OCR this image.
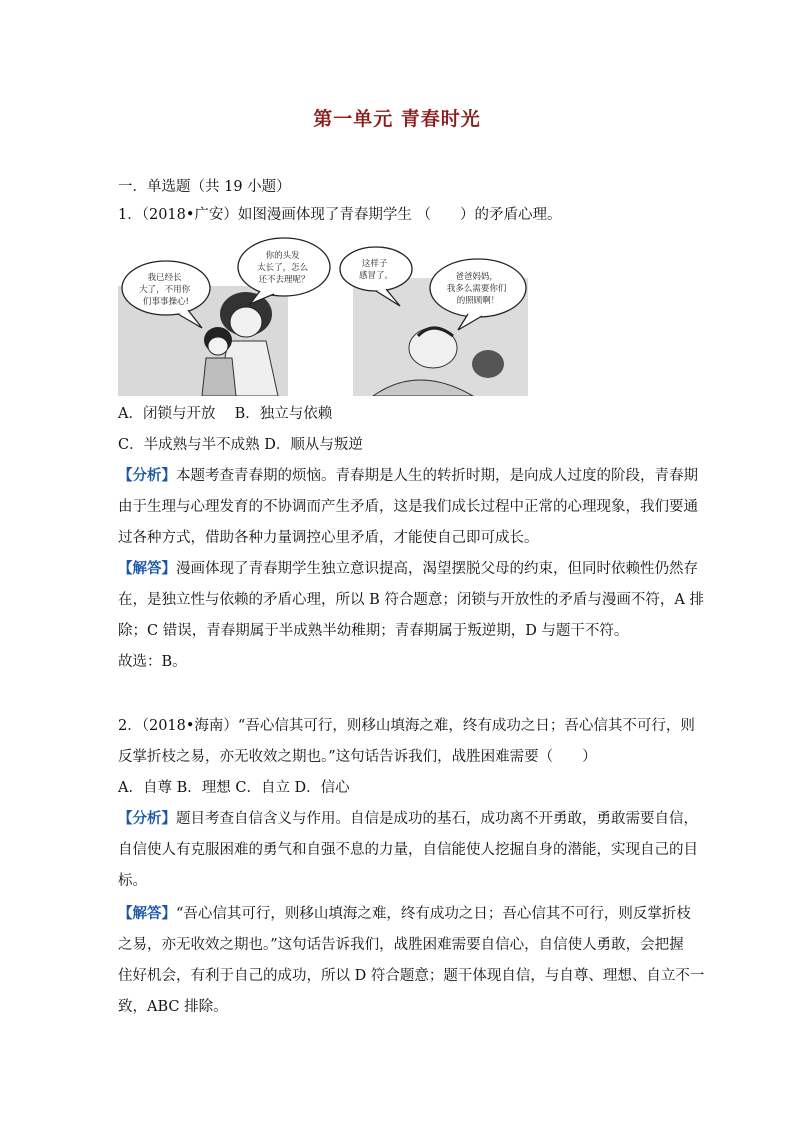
第一单元 青春时光
一．单选题（共 19 小题）
1．（2018•广安）如图漫画体现了青春期学生 （　　）的矛盾心理。
我已经长 大了，不用你 们事事操心!
你的头发 太长了，怎么 还不去理呢？
这样子 感冒了。	爸爸妈妈， 我多么需要你们 的照顾啊！
A．闭锁与开放　 B．独立与依赖
C．半成熟与半不成熟 D．顺从与叛逆
【分析】本题考查青春期的烦恼。青春期是人生的转折时期，是向成人过度的阶段，青春期
由于生理与心理发育的不协调而产生矛盾，这是我们成长过程中正常的心理现象，我们要通
过各种方式，借助各种力量调控心里矛盾，才能使自己即可成长。
【解答】漫画体现了青春期学生独立意识提高，渴望摆脱父母的约束，但同时依赖性仍然存
在，是独立性与依赖的矛盾心理，所以 B 符合题意；闭锁与开放性的矛盾与漫画不符，A 排
除；C 错误，青春期属于半成熟半幼稚期；青春期属于叛逆期，D 与题干不符。
故选：B。
2．（2018•海南）“吾心信其可行，则移山填海之难，终有成功之日；吾心信其不可行，则
反掌折枝之易，亦无收效之期也。”这句话告诉我们，战胜困难需要（　　）
A．自尊 B．理想 C．自立 D．信心
【分析】题目考查自信含义与作用。自信是成功的基石，成功离不开勇敢，勇敢需要自信，
自信使人有克服困难的勇气和自强不息的力量，自信能使人挖掘自身的潜能，实现自己的目
标。
【解答】“吾心信其可行，则移山填海之难，终有成功之日；吾心信其不可行，则反掌折枝
之易，亦无收效之期也。”这句话告诉我们，战胜困难需要自信心，自信使人勇敢，会把握
住好机会，有利于自己的成功，所以 D 符合题意；题干体现自信，与自尊、理想、自立不一
致，ABC 排除。
